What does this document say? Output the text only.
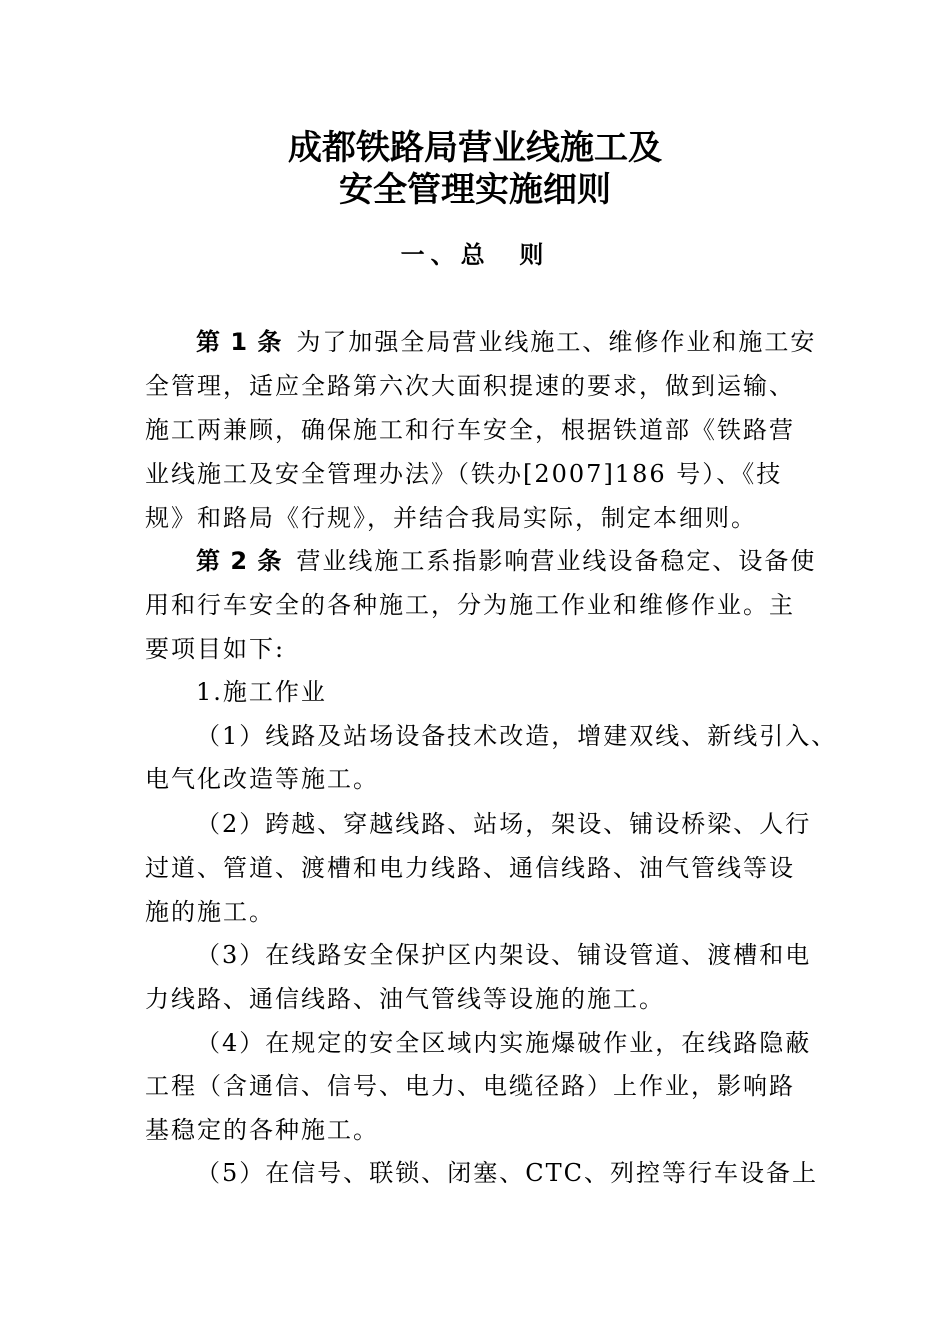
成都铁路局营业线施工及
安全管理实施细则
一、总  则
第 1 条 为了加强全局营业线施工、维修作业和施工安
全管理，适应全路第六次大面积提速的要求，做到运输、
施工两兼顾，确保施工和行车安全，根据铁道部《铁路营
业线施工及安全管理办法》（铁办[2007]186 号）、《技
规》和路局《行规》，并结合我局实际，制定本细则。
第 2 条 营业线施工系指影响营业线设备稳定、设备使
用和行车安全的各种施工，分为施工作业和维修作业。主
要项目如下:
1.施工作业
（1）线路及站场设备技术改造，增建双线、新线引入、
电气化改造等施工。
（2）跨越、穿越线路、站场，架设、铺设桥梁、人行
过道、管道、渡槽和电力线路、通信线路、油气管线等设
施的施工。
（3）在线路安全保护区内架设、铺设管道、渡槽和电
力线路、通信线路、油气管线等设施的施工。
（4）在规定的安全区域内实施爆破作业，在线路隐蔽
工程（含通信、信号、电力、电缆径路）上作业，影响路
基稳定的各种施工。
（5）在信号、联锁、闭塞、CTC、列控等行车设备上
